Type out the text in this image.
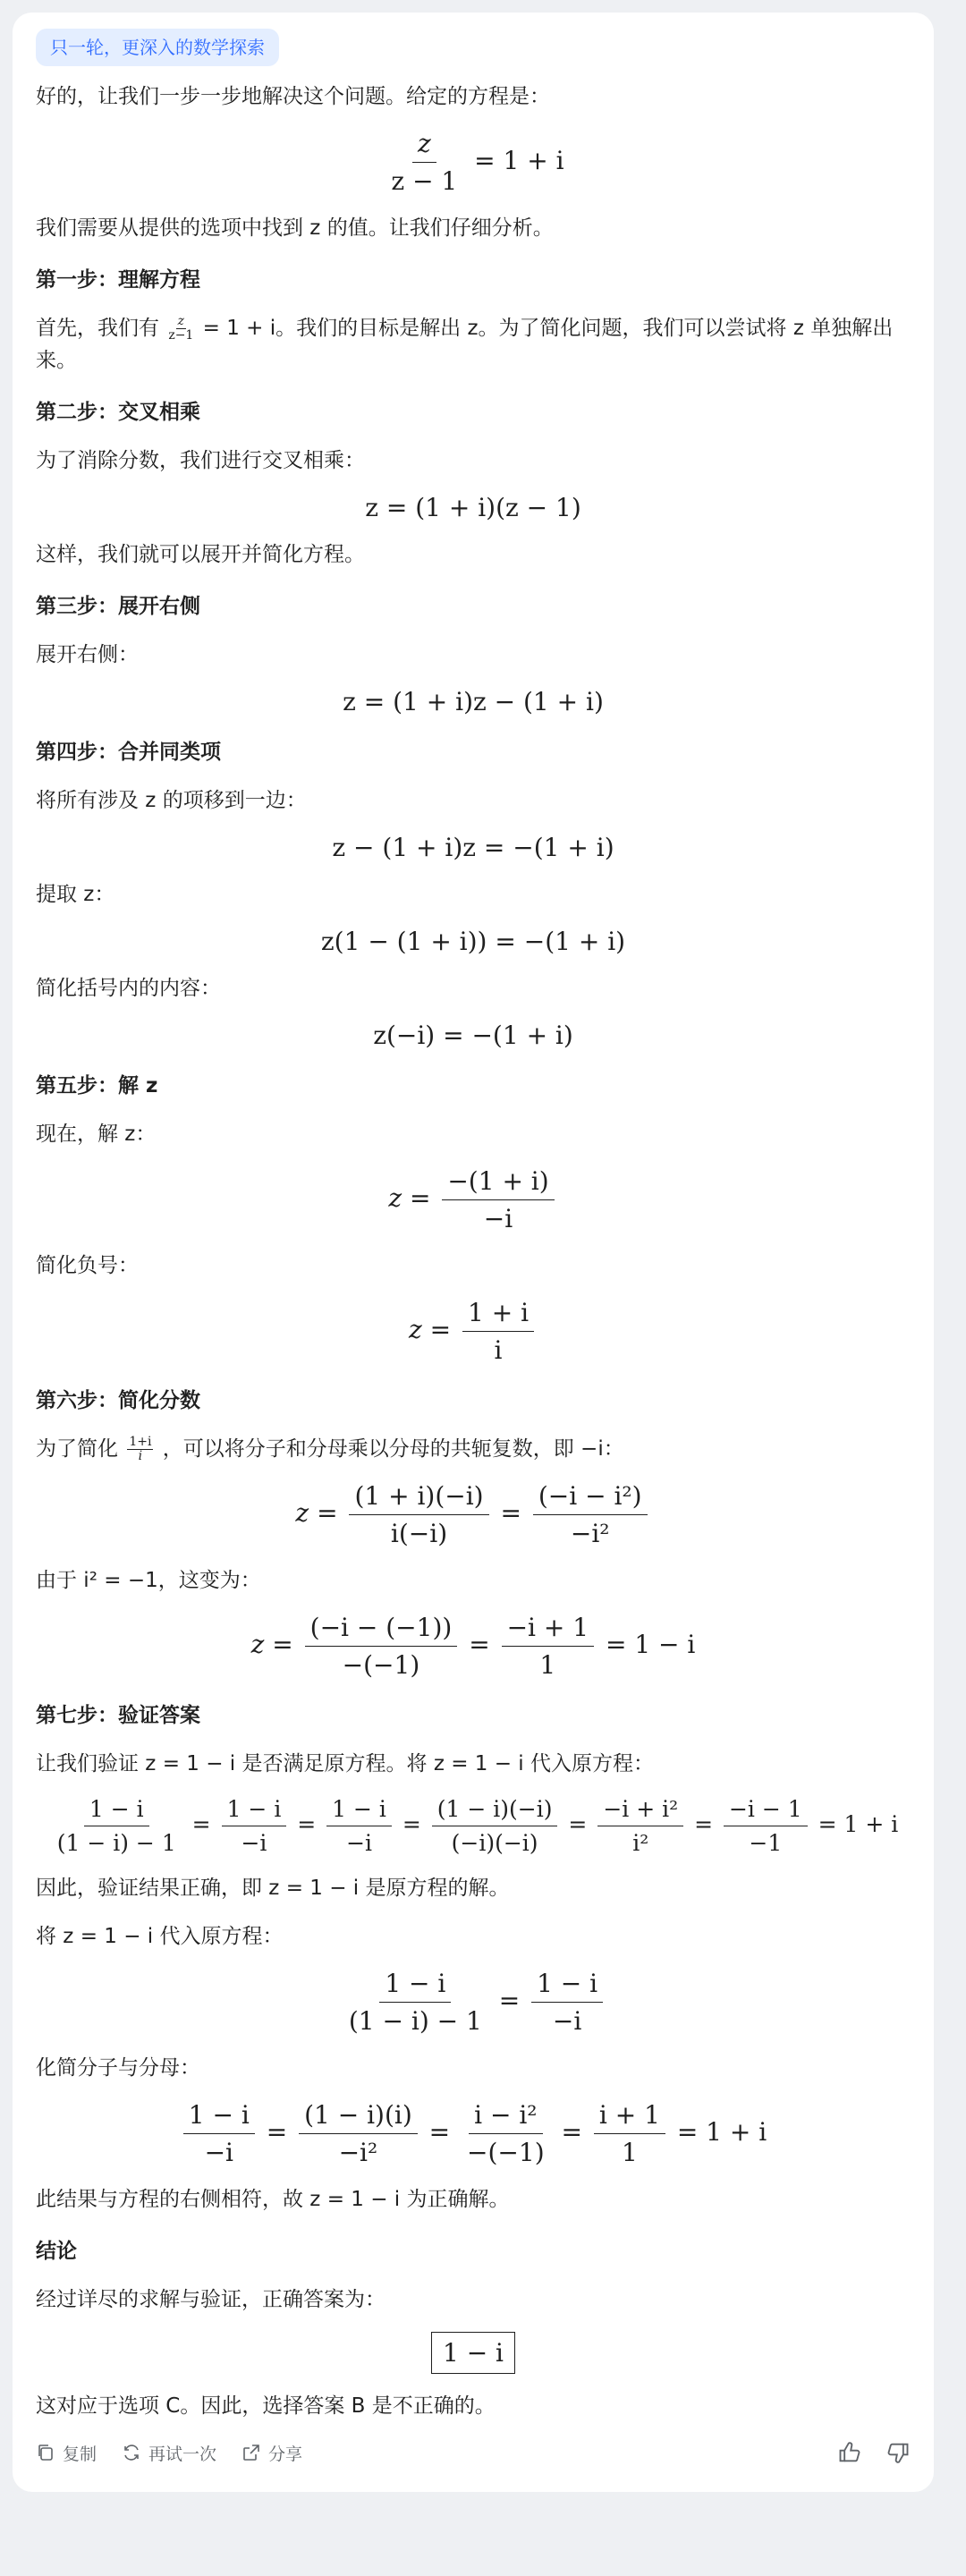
只一轮，更深入的数学探索
好的，让我们一步一步地解决这个问题。给定的方程是：
$\frac{z}{z - 1} = 1 + i$
我们需要从提供的选项中找到 z 的值。让我们仔细分析。
第一步：理解方程
首先，我们有 $\frac{z}{z-1} = 1 + i$。我们的目标是解出 z。为了简化问题，我们可以尝试将 z 单独解出来。
第二步：交叉相乘
为了消除分数，我们进行交叉相乘：
z = (1 + i)(z − 1)
这样，我们就可以展开并简化方程。
第三步：展开右侧
展开右侧：
z = (1 + i)z − (1 + i)
第四步：合并同类项
将所有涉及 z 的项移到一边：
z − (1 + i)z = −(1 + i)
提取 z：
z(1 − (1 + i)) = −(1 + i)
简化括号内的内容：
z(−i) = −(1 + i)
第五步：解 z
现在，解 z：
$z = \frac{-(1 + i)}{-i}$
简化负号：
$z = \frac{1 + i}{i}$
第六步：简化分数
为了简化 $\frac{1+i}{i}$ ，可以将分子和分母乘以分母的共轭复数，即 −i：
$z = \frac{(1 + i)(-i)}{i(-i)} = \frac{\text{(−i − i²)}}{\text{−i²}}$
由于 i² = −1，这变为：
$z = \frac{(-i - (-1))}{-(-1)} = \frac{-i + 1}{1} = 1 - i$
第七步：验证答案
让我们验证 z = 1 − i 是否满足原方程。将 z = 1 − i 代入原方程：
$\frac{1 - i}{(1 - i) - 1} = \frac{1 - i}{-i} = \frac{1 - i}{-i} = \frac{(1 - i)(-i)}{(-i)(-i)} = \frac{\text{−i + i²}}{\text{i²}} = \frac{-i - 1}{-1} = 1 + i$
因此，验证结果正确，即 z = 1 − i 是原方程的解。
将 z = 1 − i 代入原方程：
$\frac{1 - i}{(1 - i) - 1} = \frac{1 - i}{-i}$
化简分子与分母：
$\frac{1 - i}{-i} = \frac{(1 - i)(i)}{\text{−i²}} = \frac{\text{i − i²}}{-(-1)} = \frac{i + 1}{1} = 1 + i$
此结果与方程的右侧相符，故 z = 1 − i 为正确解。
结论
经过详尽的求解与验证，正确答案为：
1 − i
这对应于选项 C。因此，选择答案 B 是不正确的。
复制	再试一次	分享
